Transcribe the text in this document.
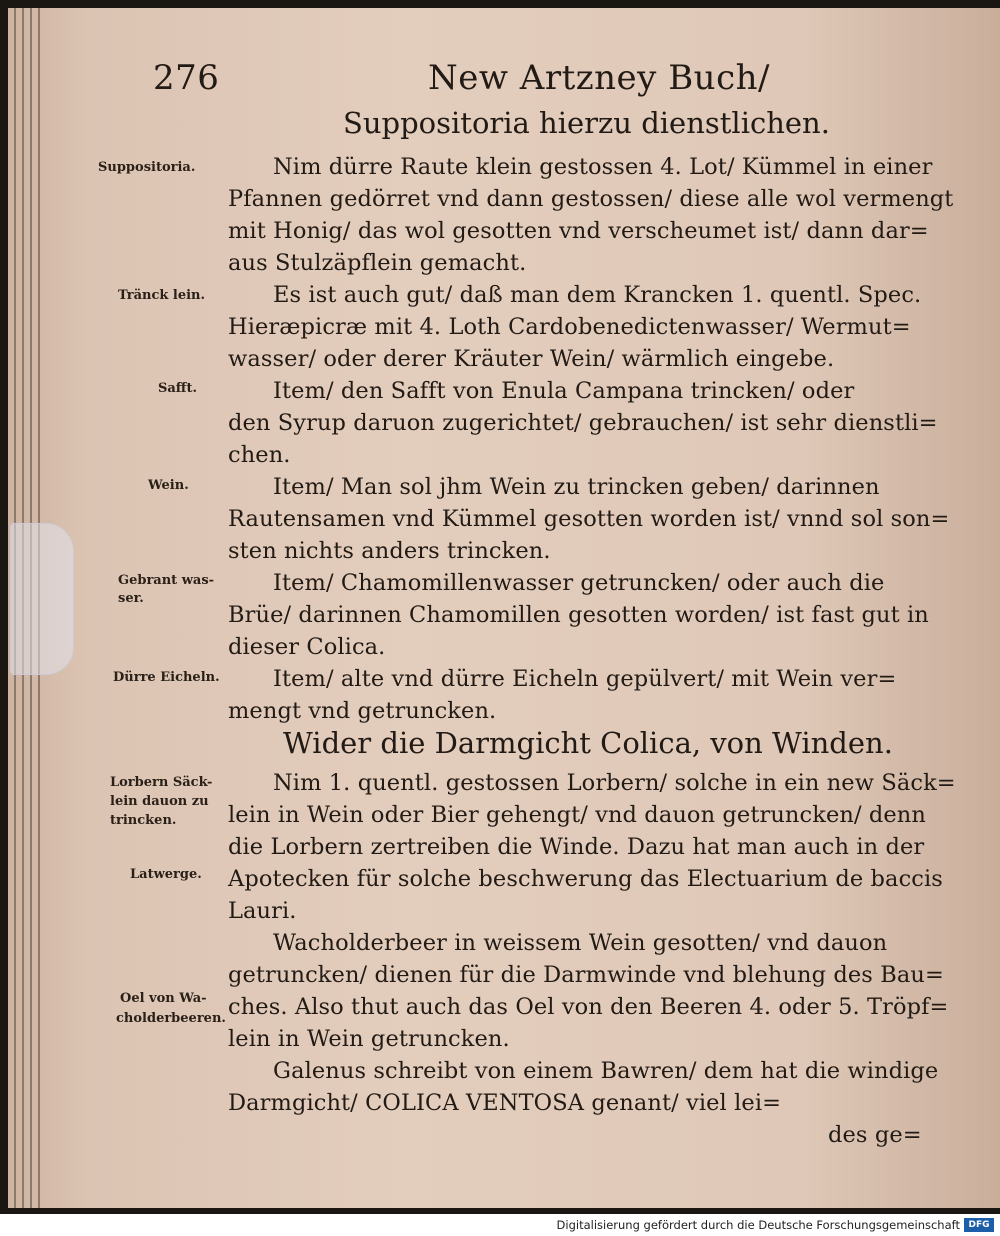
276	New Artzney Buch/
Suppositoria hierzu dienstlichen.
Nim dürre Raute klein gestossen 4. Lot/ Kümmel in einer
Pfannen gedörret vnd dann gestossen/ diese alle wol vermengt
mit Honig/ das wol gesotten vnd verscheumet ist/ dann dar=
aus Stulzäpflein gemacht.
Es ist auch gut/ daß man dem Krancken 1. quentl. Spec.
Hieræpicræ mit 4. Loth Cardobenedictenwasser/ Wermut=
wasser/ oder derer Kräuter Wein/ wärmlich eingebe.
Item/ den Safft von Enula Campana trincken/ oder
den Syrup daruon zugerichtet/ gebrauchen/ ist sehr dienstli=
chen.
Item/ Man sol jhm Wein zu trincken geben/ darinnen
Rautensamen vnd Kümmel gesotten worden ist/ vnnd sol son=
sten nichts anders trincken.
Item/ Chamomillenwasser getruncken/ oder auch die
Brüe/ darinnen Chamomillen gesotten worden/ ist fast gut in
dieser Colica.
Item/ alte vnd dürre Eicheln gepülvert/ mit Wein ver=
mengt vnd getruncken.
Wider die Darmgicht Colica, von Winden.
Nim 1. quentl. gestossen Lorbern/ solche in ein new Säck=
lein in Wein oder Bier gehengt/ vnd dauon getruncken/ denn
die Lorbern zertreiben die Winde. Dazu hat man auch in der
Apotecken für solche beschwerung das Electuarium de baccis
Lauri.
Wacholderbeer in weissem Wein gesotten/ vnd dauon
getruncken/ dienen für die Darmwinde vnd blehung des Bau=
ches. Also thut auch das Oel von den Beeren 4. oder 5. Tröpf=
lein in Wein getruncken.
Galenus schreibt von einem Bawren/ dem hat die windige
Darmgicht/ COLICA VENTOSA genant/ viel lei=
des ge=
Suppositoria.
Tränck lein.
Safft.
Wein.
Gebrant was-
ser.
Dürre Eicheln.
Lorbern Säck-
lein dauon zu
trincken.
Latwerge.
Oel von Wa-
cholderbeeren.
Digitalisierung gefördert durch die Deutsche Forschungsgemeinschaft DFG
